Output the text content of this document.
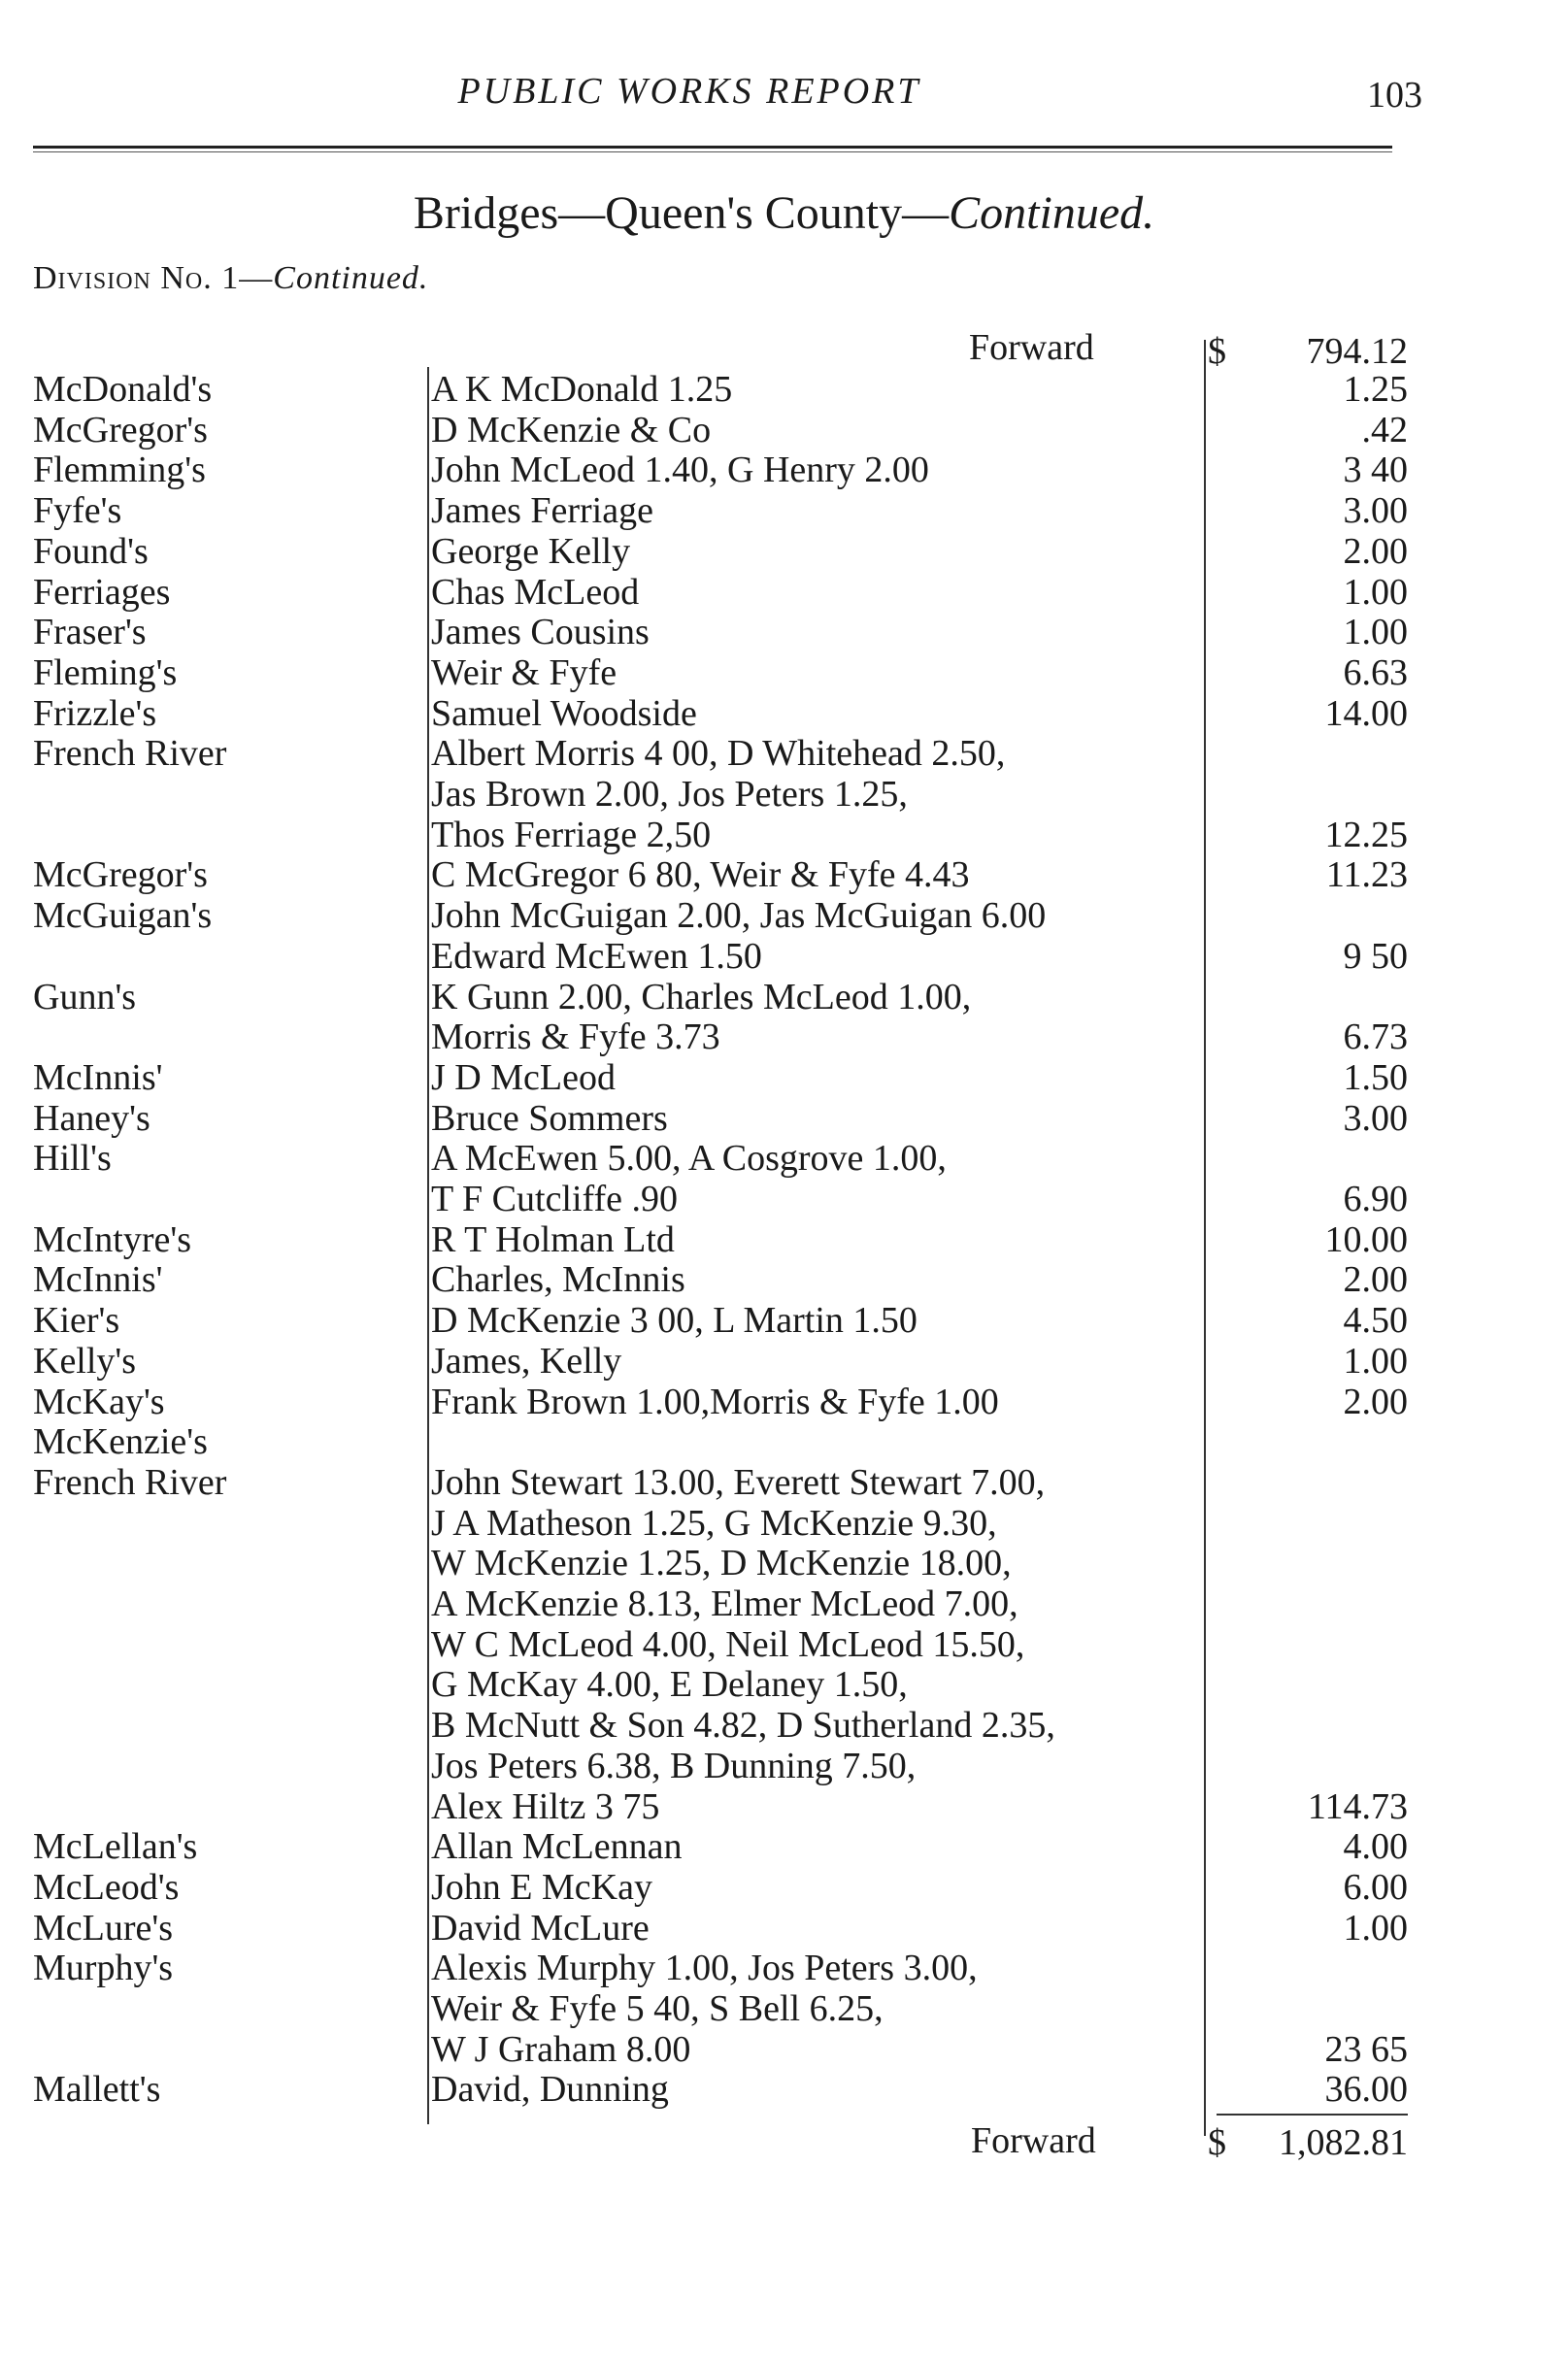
PUBLIC WORKS REPORT	103
Bridges—Queen's County—Continued.
Division No. 1—Continued.
Forward	$ 794.12
McDonald's	A K McDonald 1.25	1.25
McGregor's	D McKenzie & Co	.42
Flemming's	John McLeod 1.40, G Henry 2.00	3 40
Fyfe's	James Ferriage	3.00
Found's	George Kelly	2.00
Ferriages	Chas McLeod	1.00
Fraser's	James Cousins	1.00
Fleming's	Weir & Fyfe	6.63
Frizzle's	Samuel Woodside	14.00
French River	Albert Morris 4 00, D Whitehead 2.50,
Jas Brown 2.00, Jos Peters 1.25,
Thos Ferriage 2,50	12.25
McGregor's	C McGregor 6 80, Weir & Fyfe 4.43	11.23
McGuigan's	John McGuigan 2.00, Jas McGuigan 6.00
Edward McEwen 1.50	9 50
Gunn's	K Gunn 2.00, Charles McLeod 1.00,
Morris & Fyfe 3.73	6.73
McInnis'	J D McLeod	1.50
Haney's	Bruce Sommers	3.00
Hill's	A McEwen 5.00, A Cosgrove 1.00,
T F Cutcliffe .90	6.90
McIntyre's	R T Holman Ltd	10.00
McInnis'	Charles, McInnis	2.00
Kier's	D McKenzie 3 00, L Martin 1.50	4.50
Kelly's	James, Kelly	1.00
McKay's	Frank Brown 1.00,Morris & Fyfe 1.00	2.00
McKenzie's
French River	John Stewart 13.00, Everett Stewart 7.00,
J A Matheson 1.25, G McKenzie 9.30,
W McKenzie 1.25, D McKenzie 18.00,
A McKenzie 8.13, Elmer McLeod 7.00,
W C McLeod 4.00, Neil McLeod 15.50,
G McKay 4.00, E Delaney 1.50,
B McNutt & Son 4.82, D Sutherland 2.35,
Jos Peters 6.38, B Dunning 7.50,
Alex Hiltz 3 75	114.73
McLellan's	Allan McLennan	4.00
McLeod's	John E McKay	6.00
McLure's	David McLure	1.00
Murphy's	Alexis Murphy 1.00, Jos Peters 3.00,
Weir & Fyfe 5 40, S Bell 6.25,
W J Graham 8.00	23 65
Mallett's	David, Dunning	36.00
Forward	$ 1,082.81
